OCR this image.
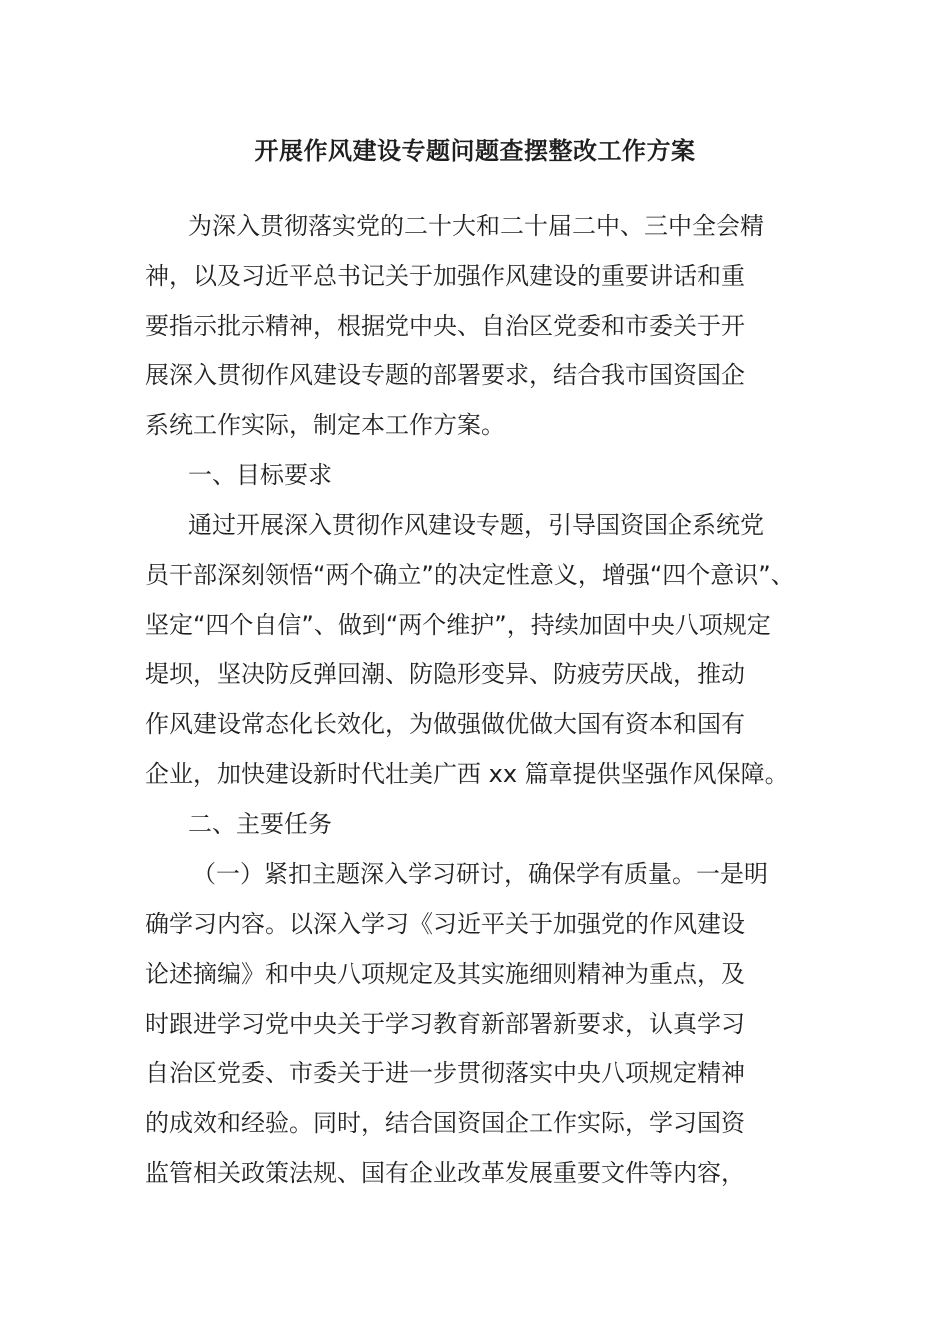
开展作风建设专题问题查摆整改工作方案
为深入贯彻落实党的二十大和二十届二中、三中全会精
神，以及习近平总书记关于加强作风建设的重要讲话和重
要指示批示精神，根据党中央、自治区党委和市委关于开
展深入贯彻作风建设专题的部署要求，结合我市国资国企
系统工作实际，制定本工作方案。
一、目标要求
通过开展深入贯彻作风建设专题，引导国资国企系统党
员干部深刻领悟“两个确立”的决定性意义，增强“四个意识”、
坚定“四个自信”、做到“两个维护”，持续加固中央八项规定
堤坝，坚决防反弹回潮、防隐形变异、防疲劳厌战，推动
作风建设常态化长效化，为做强做优做大国有资本和国有
企业，加快建设新时代壮美广西 xx 篇章提供坚强作风保障。
二、主要任务
（一）紧扣主题深入学习研讨，确保学有质量。一是明
确学习内容。以深入学习《习近平关于加强党的作风建设
论述摘编》和中央八项规定及其实施细则精神为重点，及
时跟进学习党中央关于学习教育新部署新要求，认真学习
自治区党委、市委关于进一步贯彻落实中央八项规定精神
的成效和经验。同时，结合国资国企工作实际，学习国资
监管相关政策法规、国有企业改革发展重要文件等内容，
